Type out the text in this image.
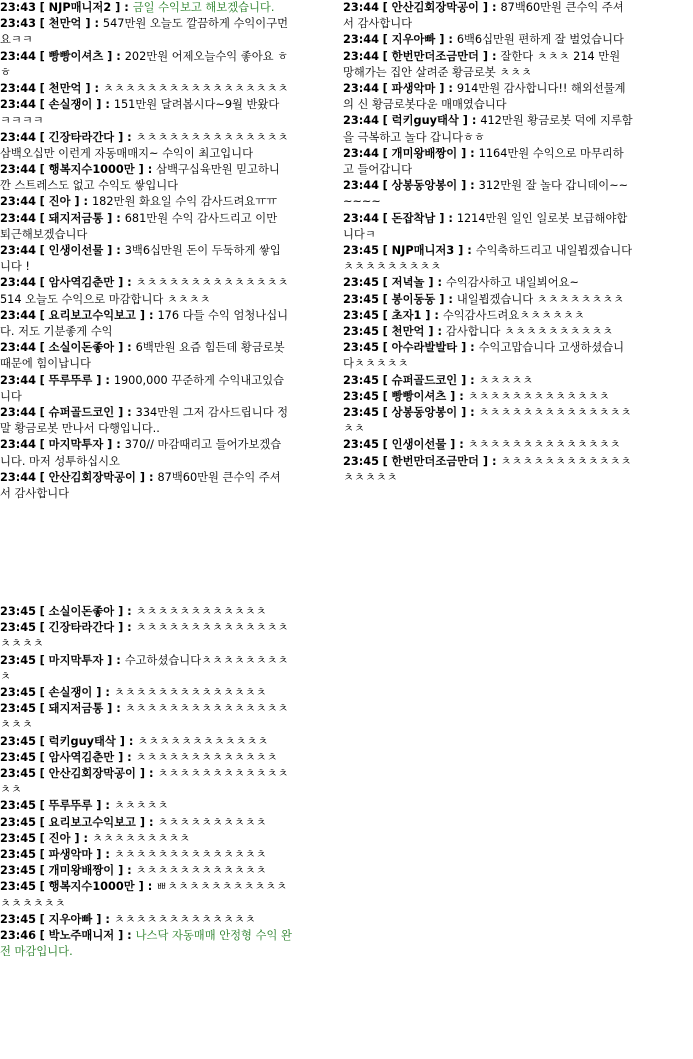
23:43 [ NJP매니저2 ] : 금일 수익보고 해보겠습니다.

23:43 [ 천만억 ] : 547만원 오늘도 깔끔하게 수익이구먼요ㅋㅋ

23:44 [ 빵빵이셔츠 ] : 202만원 어제오늘수익 좋아요 ㅎㅎ

23:44 [ 천만억 ] : ㅊㅊㅊㅊㅊㅊㅊㅊㅊㅊㅊㅊㅊㅊㅊㅊㅊ

23:44 [ 손실쟁이 ] : 151만원 달려봅시다~9월 반왔다ㅋㅋㅋㅋ

23:44 [ 긴장타라간다 ] : ㅊㅊㅊㅊㅊㅊㅊㅊㅊㅊㅊㅊㅊㅊ 삼백오십만 이런게 자동매매지~ 수익이 최고입니다

23:44 [ 행복지수1000만 ] : 삼백구십육만원 믿고하니깐 스트레스도 없고 수익도 쌓입니다

23:44 [ 진아 ] : 182만원 화요일 수익 감사드려요ㅠㅠ

23:44 [ 돼지저금통 ] : 681만원 수익 감사드리고 이만 퇴근해보겠습니다

23:44 [ 인생이선물 ] : 3백6십만원 돈이 두둑하게 쌓입니다 !

23:44 [ 암사역김춘만 ] : ㅊㅊㅊㅊㅊㅊㅊㅊㅊㅊㅊㅊㅊㅊ 514 오늘도 수익으로 마감합니다 ㅊㅊㅊㅊ

23:44 [ 요리보고수익보고 ] : 176 다들 수익 엄청나십니다. 저도 기분좋게 수익

23:44 [ 소실이돈좋아 ] : 6백만원 요즘 힘든데 황금로봇 때문에 힘이납니다

23:44 [ 뚜루뚜루 ] : 1900,000 꾸준하게 수익내고있습니다

23:44 [ 슈퍼골드코인 ] : 334만원 그저 감사드립니다 정말 황금로봇 만나서 다행입니다..

23:44 [ 마지막투자 ] : 370// 마감때리고 들어가보겠습니다. 마저 성투하십시오

23:44 [ 안산김회장막공이 ] : 87백60만원 큰수익 주셔서 감사합니다

23:44 [ 안산김회장막공이 ] : 87백60만원 큰수익 주셔서 감사합니다

23:44 [ 지우아빠 ] : 6백6십만원 편하게 잘 벌었습니다

23:44 [ 한번만더조금만더 ] : 잘한다 ㅊㅊㅊ 214 만원 망해가는 집안 살려준 황금로봇 ㅊㅊㅊ

23:44 [ 파생악마 ] : 914만원 감사합니다!! 해외선물계의 신 황금로봇다운 매매였습니다

23:44 [ 럭키guy태삭 ] : 412만원 황금로봇 덕에 지루함을 극복하고 놀다 갑니다ㅎㅎ

23:44 [ 개미왕배짱이 ] : 1164만원 수익으로 마무리하고 들어갑니다

23:44 [ 상봉동앙봉이 ] : 312만원 잘 놀다 갑니데이~~~~~~

23:44 [ 돈잡착남 ] : 1214만원 일인 일로봇 보급해야합니다ㅋ

23:45 [ NJP매니저3 ] : 수익축하드리고 내일뵙겠습니다 ㅊㅊㅊㅊㅊㅊㅊㅊㅊ

23:45 [ 저녁놀 ] : 수익감사하고 내일뵈어요~

23:45 [ 봉이동동 ] : 내일뵙겠습니다 ㅊㅊㅊㅊㅊㅊㅊㅊ

23:45 [ 초자1 ] : 수익감사드려요ㅊㅊㅊㅊㅊㅊ

23:45 [ 천만억 ] : 감사합니다 ㅊㅊㅊㅊㅊㅊㅊㅊㅊㅊ

23:45 [ 아수라발발타 ] : 수익고맙습니다 고생하셨습니다ㅊㅊㅊㅊㅊ

23:45 [ 슈퍼골드코인 ] : ㅊㅊㅊㅊㅊ

23:45 [ 빵빵이셔츠 ] : ㅊㅊㅊㅊㅊㅊㅊㅊㅊㅊㅊㅊㅊ

23:45 [ 상봉동앙봉이 ] : ㅊㅊㅊㅊㅊㅊㅊㅊㅊㅊㅊㅊㅊㅊㅊㅊ

23:45 [ 인생이선물 ] : ㅊㅊㅊㅊㅊㅊㅊㅊㅊㅊㅊㅊㅊㅊ

23:45 [ 한번만더조금만더 ] : ㅊㅊㅊㅊㅊㅊㅊㅊㅊㅊㅊㅊㅊㅊㅊㅊㅊ

23:45 [ 소실이돈좋아 ] : ㅊㅊㅊㅊㅊㅊㅊㅊㅊㅊㅊㅊ

23:45 [ 긴장타라간다 ] : ㅊㅊㅊㅊㅊㅊㅊㅊㅊㅊㅊㅊㅊㅊㅊㅊㅊㅊ

23:45 [ 마지막투자 ] : 수고하셨습니다ㅊㅊㅊㅊㅊㅊㅊㅊㅊ

23:45 [ 손실쟁이 ] : ㅊㅊㅊㅊㅊㅊㅊㅊㅊㅊㅊㅊㅊㅊ

23:45 [ 돼지저금통 ] : ㅊㅊㅊㅊㅊㅊㅊㅊㅊㅊㅊㅊㅊㅊㅊㅊㅊㅊ

23:45 [ 럭키guy태삭 ] : ㅊㅊㅊㅊㅊㅊㅊㅊㅊㅊㅊㅊ

23:45 [ 암사역김춘만 ] : ㅊㅊㅊㅊㅊㅊㅊㅊㅊㅊㅊㅊㅊ

23:45 [ 안산김회장막공이 ] : ㅊㅊㅊㅊㅊㅊㅊㅊㅊㅊㅊㅊㅊㅊ

23:45 [ 뚜루뚜루 ] : ㅊㅊㅊㅊㅊ

23:45 [ 요리보고수익보고 ] : ㅊㅊㅊㅊㅊㅊㅊㅊㅊㅊ

23:45 [ 진아 ] : ㅊㅊㅊㅊㅊㅊㅊㅊㅊ

23:45 [ 파생악마 ] : ㅊㅊㅊㅊㅊㅊㅊㅊㅊㅊㅊㅊㅊㅊ

23:45 [ 개미왕배짱이 ] : ㅊㅊㅊㅊㅊㅊㅊㅊㅊㅊㅊㅊ

23:45 [ 행복지수1000만 ] : ㅃㅊㅊㅊㅊㅊㅊㅊㅊㅊㅊㅊㅊㅊㅊㅊㅊㅊ

23:45 [ 지우아빠 ] : ㅊㅊㅊㅊㅊㅊㅊㅊㅊㅊㅊㅊㅊ

23:46 [ 박노주매니저 ] : 나스닥 자동매매 안정형 수익 완전 마감입니다.
